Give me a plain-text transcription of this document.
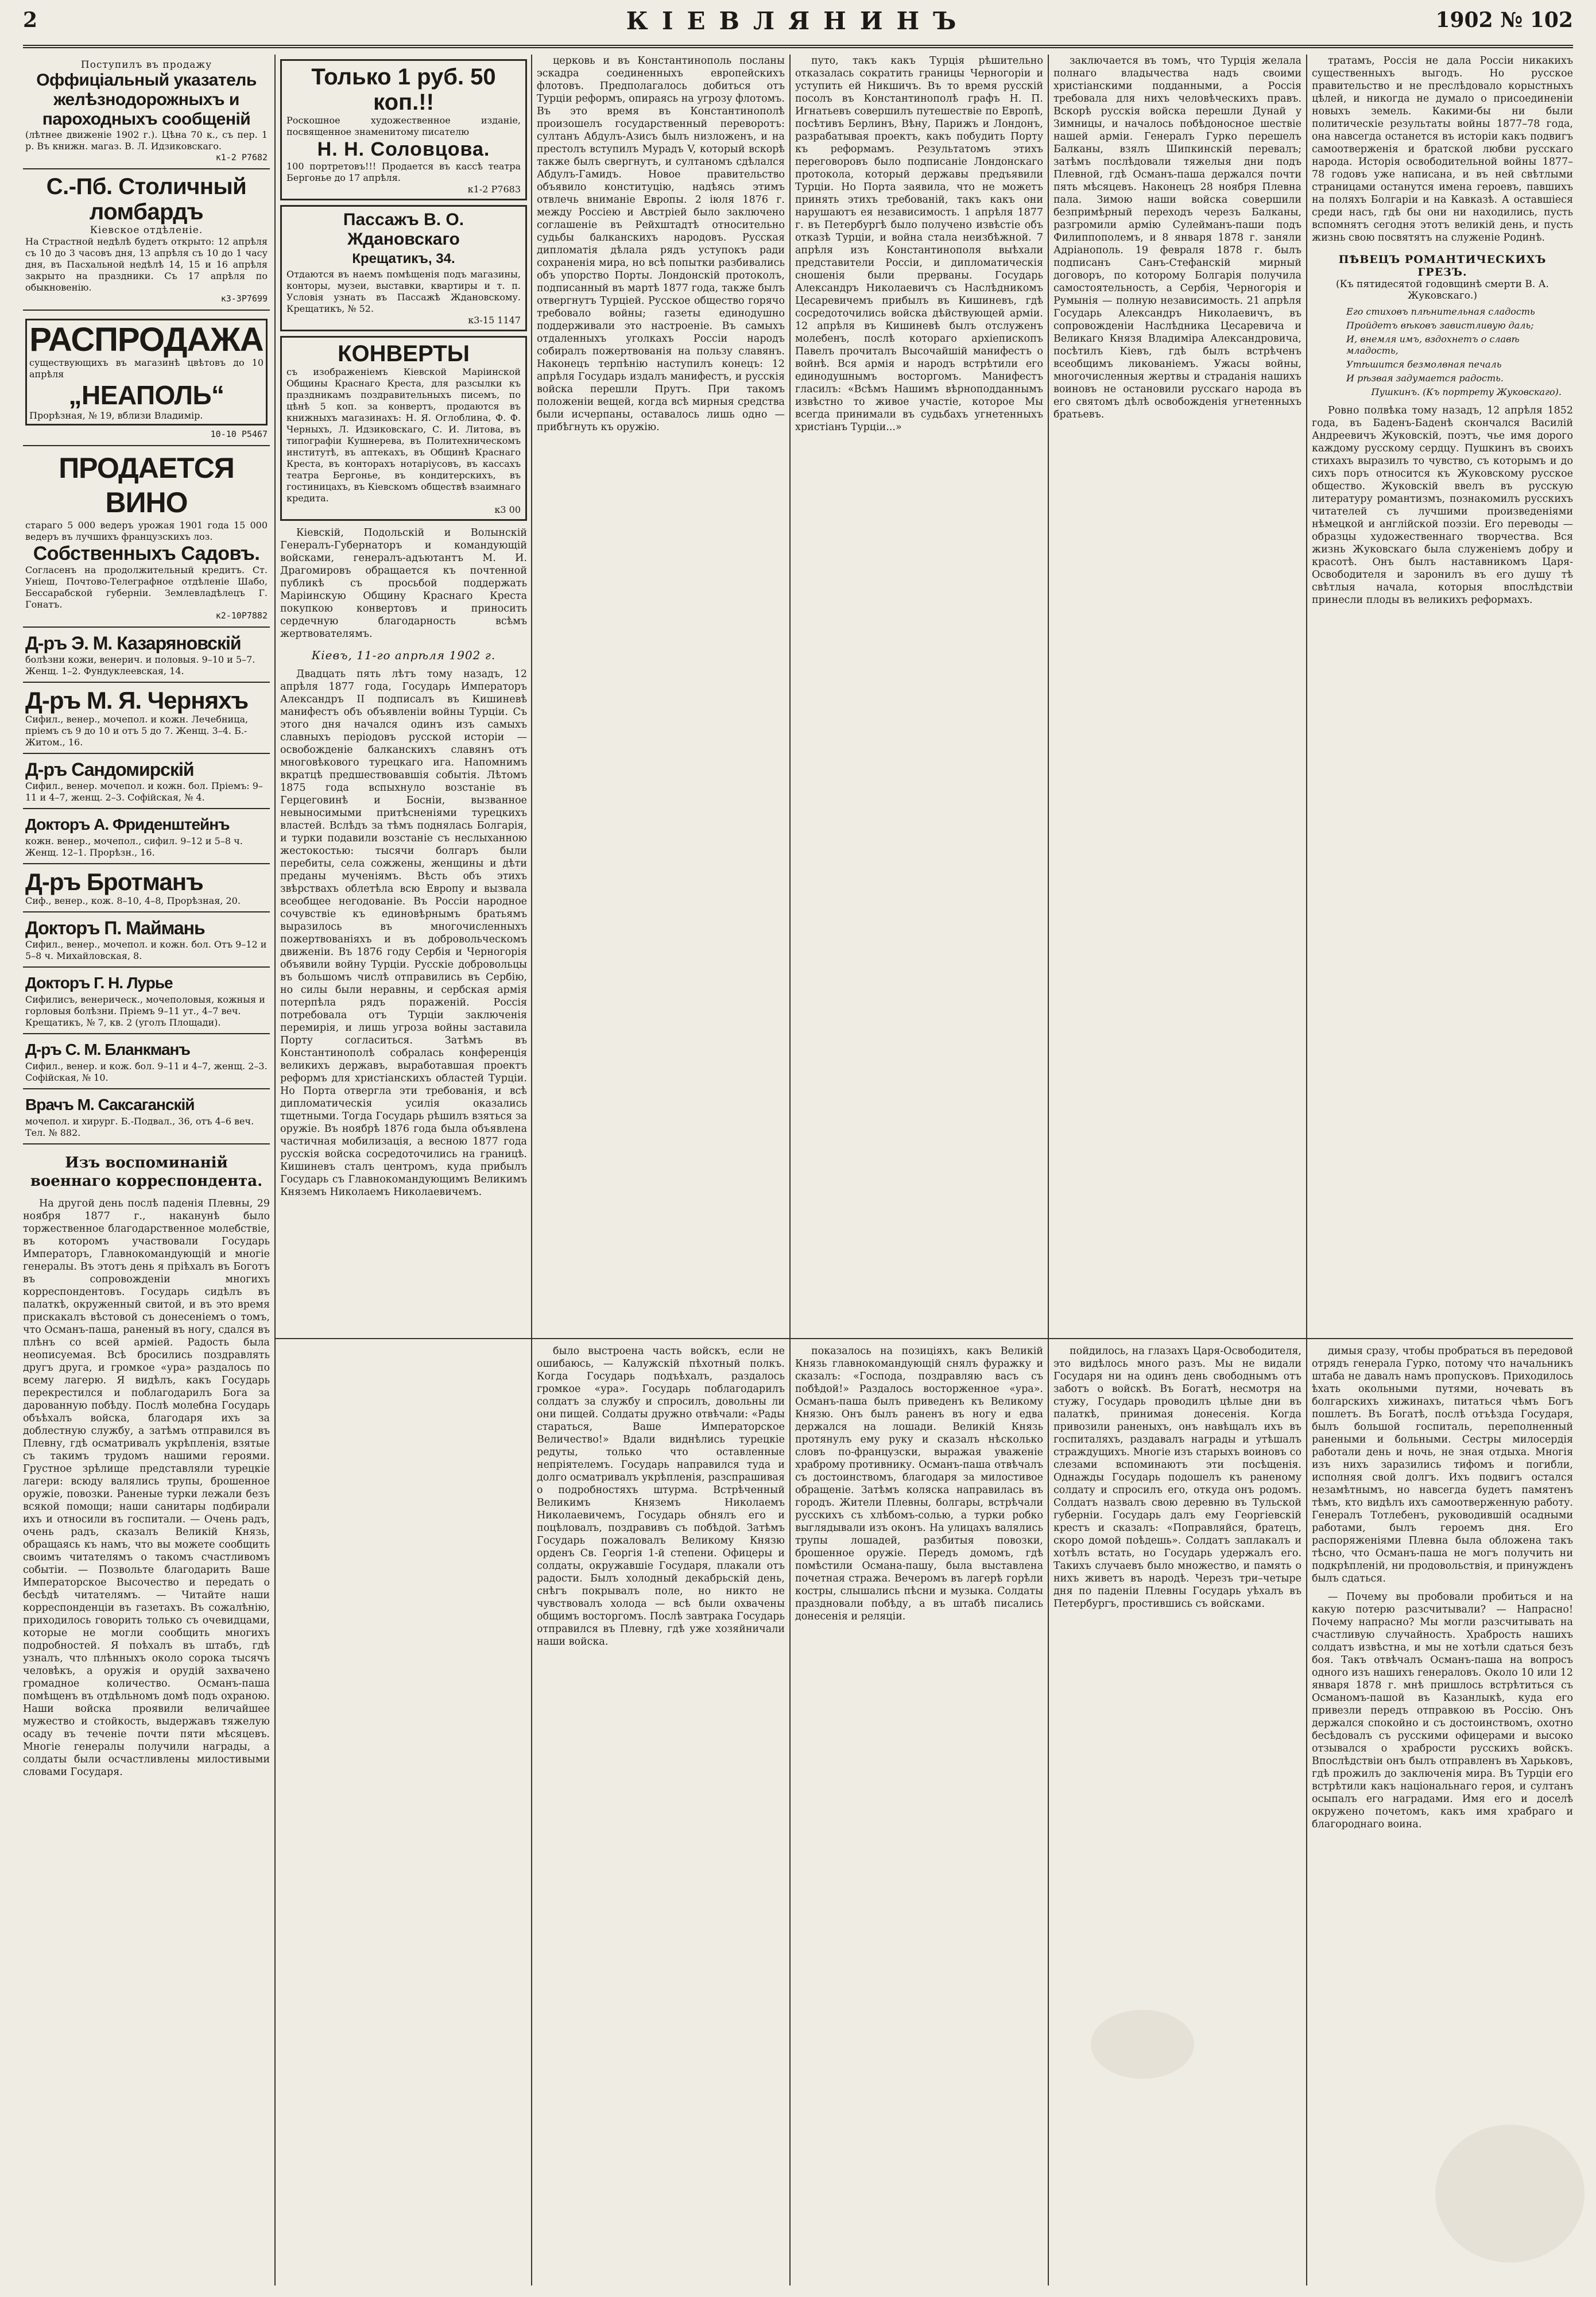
2	КІЕВЛЯНИНЪ	1902 № 102
Поступилъ въ продажу
Оффиціальный указатель желѣзнодорожныхъ и пароходныхъ сообщеній
(лѣтнее движеніе 1902 г.). Цѣна 70 к., съ пер. 1 р. Въ книжн. магаз. В. Л. Идзиковскаго.
к1-2 Р7682
С.-Пб. Столичный ломбардъ
Кіевское отдѣленіе.
На Страстной недѣлѣ будетъ открыто: 12 апрѣля съ 10 до 3 часовъ дня, 13 апрѣля съ 10 до 1 часу дня, въ Пасхальной недѣлѣ 14, 15 и 16 апрѣля закрыто на праздники. Съ 17 апрѣля по обыкновенію.
к3-3Р7699
РАСПРОДАЖА
существующихъ въ магазинѣ цвѣтовъ до 10 апрѣля
„НЕАПОЛЬ“
Прорѣзная, № 19, вблизи Владимір.
10-10 Р5467
ПРОДАЕТСЯ ВИНО
стараго 5 000 ведеръ урожая 1901 года 15 000 ведеръ въ лучшихъ французскихъ лоз.
Собственныхъ Садовъ.
Согласенъ на продолжительный кредитъ. Ст. Уніеш, Почтово-Телеграфное отдѣленіе Шабо, Бессарабской губерніи. Землевладѣлецъ Г. Гонатъ.
к2-10Р7882
Д-ръ Э. М. Казаряновскій
болѣзни кожи, венерич. и половыя. 9–10 и 5–7. Женщ. 1–2. Фундуклеевская, 14.
Д-ръ М. Я. Черняхъ
Сифил., венер., мочепол. и кожн. Лечебница, пріемъ съ 9 до 10 и отъ 5 до 7. Женщ. 3–4. Б.-Житом., 16.
Д-ръ Сандомирскій
Сифил., венер. мочепол. и кожн. бол. Пріемъ: 9–11 и 4–7, женщ. 2–3. Софійская, № 4.
Докторъ А. Фриденштейнъ
кожн. венер., мочепол., сифил. 9–12 и 5–8 ч. Женщ. 12–1. Прорѣзн., 16.
Д-ръ Бротманъ
Сиф., венер., кож. 8–10, 4–8, Прорѣзная, 20.
Докторъ П. Маймань
Сифил., венер., мочепол. и кожн. бол. Отъ 9–12 и 5–8 ч. Михайловская, 8.
Докторъ Г. Н. Лурье
Сифилисъ, венерическ., мочеполовыя, кожныя и горловыя болѣзни. Пріемъ 9–11 ут., 4–7 веч. Крещатикъ, № 7, кв. 2 (уголъ Площади).
Д-ръ С. М. Бланкманъ
Сифил., венер. и кож. бол. 9–11 и 4–7, женщ. 2–3. Софійская, № 10.
Врачъ М. Саксаганскій
мочепол. и хирург. Б.-Подвал., 36, отъ 4–6 веч. Тел. № 882.
Изъ воспоминаній военнаго корреспондента.
На другой день послѣ паденія Плевны, 29 ноября 1877 г., наканунѣ было торжественное благодарственное молебствіе, въ которомъ участвовали Государь Императоръ, Главнокомандующій и многіе генералы. Въ этотъ день я пріѣхалъ въ Боготъ въ сопровожденіи многихъ корреспондентовъ. Государь сидѣлъ въ палаткѣ, окруженный свитой, и въ это время прискакалъ вѣстовой съ донесеніемъ о томъ, что Османъ-паша, раненый въ ногу, сдался въ плѣнъ со всей арміей. Радость была неописуемая. Всѣ бросились поздравлять другъ друга, и громкое «ура» раздалось по всему лагерю. Я видѣлъ, какъ Государь перекрестился и поблагодарилъ Бога за дарованную побѣду. Послѣ молебна Государь объѣхалъ войска, благодаря ихъ за доблестную службу, а затѣмъ отправился въ Плевну, гдѣ осматривалъ укрѣпленія, взятые съ такимъ трудомъ нашими героями. Грустное зрѣлище представляли турецкіе лагери: всюду валялись трупы, брошенное оружіе, повозки. Раненые турки лежали безъ всякой помощи; наши санитары подбирали ихъ и относили въ госпитали. — Очень радъ, очень радъ, сказалъ Великій Князь, обращаясь къ намъ, что вы можете сообщить своимъ читателямъ о такомъ счастливомъ событіи. — Позвольте благодарить Ваше Императорское Высочество и передать о бесѣдѣ читателямъ. — Читайте наши корреспонденціи въ газетахъ. Въ сожалѣнію, приходилось говорить только съ очевидцами, которые не могли сообщить многихъ подробностей. Я поѣхалъ въ штабъ, гдѣ узналъ, что плѣнныхъ около сорока тысячъ человѣкъ, а оружія и орудій захвачено громадное количество. Османъ-паша помѣщенъ въ отдѣльномъ домѣ подъ охраною. Наши войска проявили величайшее мужество и стойкость, выдержавъ тяжелую осаду въ теченіе почти пяти мѣсяцевъ. Многіе генералы получили награды, а солдаты были осчастливлены милостивыми словами Государя.
Только 1 руб. 50 коп.!!
Роскошное художественное изданіе, посвященное знаменитому писателю
Н. Н. Соловцова.
100 портретовъ!!! Продается въ кассѣ театра Бергонье до 17 апрѣля.
к1-2 Р7683
Пассажъ В. О. Ждановскаго
Крещатикъ, 34.
Отдаются въ наемъ помѣщенія подъ магазины, конторы, музеи, выставки, квартиры и т. п. Условія узнать въ Пассажѣ Ждановскому. Крещатикъ, № 52.
к3-15 1147
КОНВЕРТЫ
съ изображеніемъ Кіевской Маріинской Общины Краснаго Креста, для разсылки къ праздникамъ поздравительныхъ писемъ, по цѣнѣ 5 коп. за конвертъ, продаются въ книжныхъ магазинахъ: Н. Я. Оглоблина, Ф. Ф. Черныхъ, Л. Идзиковскаго, С. И. Литова, въ типографіи Кушнерева, въ Политехническомъ институтѣ, въ аптекахъ, въ Общинѣ Краснаго Креста, въ конторахъ нотаріусовъ, въ кассахъ театра Бергонье, въ кондитерскихъ, въ гостиницахъ, въ Кіевскомъ обществѣ взаимнаго кредита.
к3 00
Кіевскій, Подольскій и Волынскій Генералъ-Губернаторъ и командующій войсками, генералъ-адъютантъ М. И. Драгомировъ обращается къ почтенной публикѣ съ просьбой поддержать Маріинскую Общину Краснаго Креста покупкою конвертовъ и приносить сердечную благодарность всѣмъ жертвователямъ.
Кіевъ, 11-го апрѣля 1902 г.
Двадцать пять лѣтъ тому назадъ, 12 апрѣля 1877 года, Государь Императоръ Александръ II подписалъ въ Кишиневѣ манифестъ объ объявленіи войны Турціи. Съ этого дня начался одинъ изъ самыхъ славныхъ періодовъ русской исторіи — освобожденіе балканскихъ славянъ отъ многовѣкового турецкаго ига. Напомнимъ вкратцѣ предшествовавшія событія. Лѣтомъ 1875 года вспыхнуло возстаніе въ Герцеговинѣ и Босніи, вызванное невыносимыми притѣсненіями турецкихъ властей. Вслѣдъ за тѣмъ поднялась Болгарія, и турки подавили возстаніе съ неслыханною жестокостью: тысячи болгаръ были перебиты, села сожжены, женщины и дѣти преданы мученіямъ. Вѣсть объ этихъ звѣрствахъ облетѣла всю Европу и вызвала всеобщее негодованіе. Въ Россіи народное сочувствіе къ единовѣрнымъ братьямъ выразилось въ многочисленныхъ пожертвованіяхъ и въ добровольческомъ движеніи. Въ 1876 году Сербія и Черногорія объявили войну Турціи. Русскіе добровольцы въ большомъ числѣ отправились въ Сербію, но силы были неравны, и сербская армія потерпѣла рядъ пораженій. Россія потребовала отъ Турціи заключенія перемирія, и лишь угроза войны заставила Порту согласиться. Затѣмъ въ Константинополѣ собралась конференція великихъ державъ, выработавшая проектъ реформъ для христіанскихъ областей Турціи. Но Порта отвергла эти требованія, и всѣ дипломатическія усилія оказались тщетными. Тогда Государь рѣшилъ взяться за оружіе. Въ ноябрѣ 1876 года была объявлена частичная мобилизація, а весною 1877 года русскія войска сосредоточились на границѣ. Кишиневъ сталъ центромъ, куда прибылъ Государь съ Главнокомандующимъ Великимъ Княземъ Николаемъ Николаевичемъ.
церковь и въ Константинополь посланы эскадра соединенныхъ европейскихъ флотовъ. Предполагалось добиться отъ Турціи реформъ, опираясь на угрозу флотомъ. Въ это время въ Константинополѣ произошелъ государственный переворотъ: султанъ Абдулъ-Азисъ былъ низложенъ, и на престолъ вступилъ Мурадъ V, который вскорѣ также былъ свергнутъ, и султаномъ сдѣлался Абдулъ-Гамидъ. Новое правительство объявило конституцію, надѣясь этимъ отвлечь вниманіе Европы. 2 іюля 1876 г. между Россіею и Австріей было заключено соглашеніе въ Рейхштадтѣ относительно судьбы балканскихъ народовъ. Русская дипломатія дѣлала рядъ уступокъ ради сохраненія мира, но всѣ попытки разбивались объ упорство Порты. Лондонскій протоколъ, подписанный въ мартѣ 1877 года, также былъ отвергнутъ Турціей. Русское общество горячо требовало войны; газеты единодушно поддерживали это настроеніе. Въ самыхъ отдаленныхъ уголкахъ Россіи народъ собиралъ пожертвованія на пользу славянъ. Наконецъ терпѣнію наступилъ конецъ: 12 апрѣля Государь издалъ манифестъ, и русскія войска перешли Прутъ. При такомъ положеніи вещей, когда всѣ мирныя средства были исчерпаны, оставалось лишь одно — прибѣгнуть къ оружію.
путо, такъ какъ Турція рѣшительно отказалась сократить границы Черногоріи и уступить ей Никшичъ. Въ то время русскій посолъ въ Константинополѣ графъ Н. П. Игнатьевъ совершилъ путешествіе по Европѣ, посѣтивъ Берлинъ, Вѣну, Парижъ и Лондонъ, разрабатывая проектъ, какъ побудить Порту къ реформамъ. Результатомъ этихъ переговоровъ было подписаніе Лондонскаго протокола, который державы предъявили Турціи. Но Порта заявила, что не можетъ принять этихъ требованій, такъ какъ они нарушаютъ ея независимость. 1 апрѣля 1877 г. въ Петербургѣ было получено извѣстіе объ отказѣ Турціи, и война стала неизбѣжной. 7 апрѣля изъ Константинополя выѣхали представители Россіи, и дипломатическія сношенія были прерваны. Государь Александръ Николаевичъ съ Наслѣдникомъ Цесаревичемъ прибылъ въ Кишиневъ, гдѣ сосредоточились войска дѣйствующей арміи. 12 апрѣля въ Кишиневѣ былъ отслуженъ молебенъ, послѣ котораго архіепископъ Павелъ прочиталъ Высочайшій манифестъ о войнѣ. Вся армія и народъ встрѣтили его единодушнымъ восторгомъ. Манифестъ гласилъ: «Всѣмъ Нашимъ вѣрноподданнымъ извѣстно то живое участіе, которое Мы всегда принимали въ судьбахъ угнетенныхъ христіанъ Турціи...»
заключается въ томъ, что Турція желала полнаго владычества надъ своими христіанскими подданными, а Россія требовала для нихъ человѣческихъ правъ. Вскорѣ русскія войска перешли Дунай у Зимницы, и началось побѣдоносное шествіе нашей арміи. Генералъ Гурко перешелъ Балканы, взялъ Шипкинскій перевалъ; затѣмъ послѣдовали тяжелыя дни подъ Плевной, гдѣ Османъ-паша держался почти пять мѣсяцевъ. Наконецъ 28 ноября Плевна пала. Зимою наши войска совершили безпримѣрный переходъ черезъ Балканы, разгромили армію Сулейманъ-паши подъ Филиппополемъ, и 8 января 1878 г. заняли Адріанополь. 19 февраля 1878 г. былъ подписанъ Санъ-Стефанскій мирный договоръ, по которому Болгарія получила самостоятельность, а Сербія, Черногорія и Румынія — полную независимость. 21 апрѣля Государь Александръ Николаевичъ, въ сопровожденіи Наслѣдника Цесаревича и Великаго Князя Владиміра Александровича, посѣтилъ Кіевъ, гдѣ былъ встрѣченъ всеобщимъ ликованіемъ. Ужасы войны, многочисленныя жертвы и страданія нашихъ воиновъ не остановили русскаго народа въ его святомъ дѣлѣ освобожденія угнетенныхъ братьевъ.
тратамъ, Россія не дала Россіи никакихъ существенныхъ выгодъ. Но русское правительство и не преслѣдовало корыстныхъ цѣлей, и никогда не думало о присоединеніи новыхъ земель. Какими-бы ни были политическіе результаты войны 1877–78 года, она навсегда останется въ исторіи какъ подвигъ самоотверженія и братской любви русскаго народа. Исторія освободительной войны 1877–78 годовъ уже написана, и въ ней свѣтлыми страницами останутся имена героевъ, павшихъ на поляхъ Болгаріи и на Кавказѣ. А оставшіеся среди насъ, гдѣ бы они ни находились, пусть вспомнятъ сегодня этотъ великій день, и пусть жизнь свою посвятятъ на служеніе Родинѣ.
ПѢВЕЦЪ РОМАНТИЧЕСКИХЪ ГРЕЗЪ.
(Къ пятидесятой годовщинѣ смерти В. А. Жуковскаго.)
Его стиховъ плѣнительная сладость
Пройдетъ вѣковъ завистливую даль;
И, внемля имъ, вздохнетъ о славѣ младость,
Утѣшится безмолвная печаль
И рѣзвая задумается радость.
Пушкинъ. (Къ портрету Жуковскаго).
Ровно полвѣка тому назадъ, 12 апрѣля 1852 года, въ Баденъ-Баденѣ скончался Василій Андреевичъ Жуковскій, поэтъ, чье имя дорого каждому русскому сердцу. Пушкинъ въ своихъ стихахъ выразилъ то чувство, съ которымъ и до сихъ поръ относится къ Жуковскому русское общество. Жуковскій ввелъ въ русскую литературу романтизмъ, познакомилъ русскихъ читателей съ лучшими произведеніями нѣмецкой и англійской поэзіи. Его переводы — образцы художественнаго творчества. Вся жизнь Жуковскаго была служеніемъ добру и красотѣ. Онъ былъ наставникомъ Царя-Освободителя и заронилъ въ его душу тѣ свѣтлыя начала, которыя впослѣдствіи принесли плоды въ великихъ реформахъ.
было выстроена часть войскъ, если не ошибаюсь, — Калужскій пѣхотный полкъ. Когда Государь подъѣхалъ, раздалось громкое «ура». Государь поблагодарилъ солдатъ за службу и спросилъ, довольны ли они пищей. Солдаты дружно отвѣчали: «Рады стараться, Ваше Императорское Величество!» Вдали виднѣлись турецкіе редуты, только что оставленные непріятелемъ. Государь направился туда и долго осматривалъ укрѣпленія, разспрашивая о подробностяхъ штурма. Встрѣченный Великимъ Княземъ Николаемъ Николаевичемъ, Государь обнялъ его и поцѣловалъ, поздравивъ съ побѣдой. Затѣмъ Государь пожаловалъ Великому Князю орденъ Св. Георгія 1-й степени. Офицеры и солдаты, окружавшіе Государя, плакали отъ радости. Былъ холодный декабрьскій день, снѣгъ покрывалъ поле, но никто не чувствовалъ холода — всѣ были охвачены общимъ восторгомъ. Послѣ завтрака Государь отправился въ Плевну, гдѣ уже хозяйничали наши войска.
показалось на позиціяхъ, какъ Великій Князь главнокомандующій снялъ фуражку и сказалъ: «Господа, поздравляю васъ съ побѣдой!» Раздалось восторженное «ура». Османъ-паша былъ приведенъ къ Великому Князю. Онъ былъ раненъ въ ногу и едва держался на лошади. Великій Князь протянулъ ему руку и сказалъ нѣсколько словъ по-французски, выражая уваженіе храброму противнику. Османъ-паша отвѣчалъ съ достоинствомъ, благодаря за милостивое обращеніе. Затѣмъ коляска направилась въ городъ. Жители Плевны, болгары, встрѣчали русскихъ съ хлѣбомъ-солью, а турки робко выглядывали изъ оконъ. На улицахъ валялись трупы лошадей, разбитыя повозки, брошенное оружіе. Передъ домомъ, гдѣ помѣстили Османа-пашу, была выставлена почетная стража. Вечеромъ въ лагерѣ горѣли костры, слышались пѣсни и музыка. Солдаты праздновали побѣду, а въ штабѣ писались донесенія и реляціи.
пойдилось, на глазахъ Царя-Освободителя, это видѣлось много разъ. Мы не видали Государя ни на одинъ день свободнымъ отъ заботъ о войскѣ. Въ Богатѣ, несмотря на стужу, Государь проводилъ цѣлые дни въ палаткѣ, принимая донесенія. Когда привозили раненыхъ, онъ навѣщалъ ихъ въ госпиталяхъ, раздавалъ награды и утѣшалъ страждущихъ. Многіе изъ старыхъ воиновъ со слезами вспоминаютъ эти посѣщенія. Однажды Государь подошелъ къ раненому солдату и спросилъ его, откуда онъ родомъ. Солдатъ назвалъ свою деревню въ Тульской губерніи. Государь далъ ему Георгіевскій крестъ и сказалъ: «Поправляйся, братецъ, скоро домой поѣдешь». Солдатъ заплакалъ и хотѣлъ встать, но Государь удержалъ его. Такихъ случаевъ было множество, и память о нихъ живетъ въ народѣ. Черезъ три–четыре дня по паденіи Плевны Государь уѣхалъ въ Петербургъ, простившись съ войсками.
димыя сразу, чтобы пробраться въ передовой отрядъ генерала Гурко, потому что начальникъ штаба не давалъ намъ пропусковъ. Приходилось ѣхать окольными путями, ночевать въ болгарскихъ хижинахъ, питаться чѣмъ Богъ пошлетъ. Въ Богатѣ, послѣ отъѣзда Государя, былъ большой госпиталь, переполненный ранеными и больными. Сестры милосердія работали день и ночь, не зная отдыха. Многія изъ нихъ заразились тифомъ и погибли, исполняя свой долгъ. Ихъ подвигъ остался незамѣтнымъ, но навсегда будетъ памятенъ тѣмъ, кто видѣлъ ихъ самоотверженную работу. Генералъ Тотлебенъ, руководившій осадными работами, былъ героемъ дня. Его распоряженіями Плевна была обложена такъ тѣсно, что Османъ-паша не могъ получить ни подкрѣпленій, ни продовольствія, и принужденъ былъ сдаться.
— Почему вы пробовали пробиться и на какую потерю разсчитывали? — Напрасно! Почему напрасно? Мы могли разсчитывать на счастливую случайность. Храбрость нашихъ солдатъ извѣстна, и мы не хотѣли сдаться безъ боя. Такъ отвѣчалъ Османъ-паша на вопросъ одного изъ нашихъ генераловъ. Около 10 или 12 января 1878 г. мнѣ пришлось встрѣтиться съ Османомъ-пашой въ Казанлыкѣ, куда его привезли передъ отправкою въ Россію. Онъ держался спокойно и съ достоинствомъ, охотно бесѣдовалъ съ русскими офицерами и высоко отзывался о храбрости русскихъ войскъ. Впослѣдствіи онъ былъ отправленъ въ Харьковъ, гдѣ прожилъ до заключенія мира. Въ Турціи его встрѣтили какъ національнаго героя, и султанъ осыпалъ его наградами. Имя его и доселѣ окружено почетомъ, какъ имя храбраго и благороднаго воина.
